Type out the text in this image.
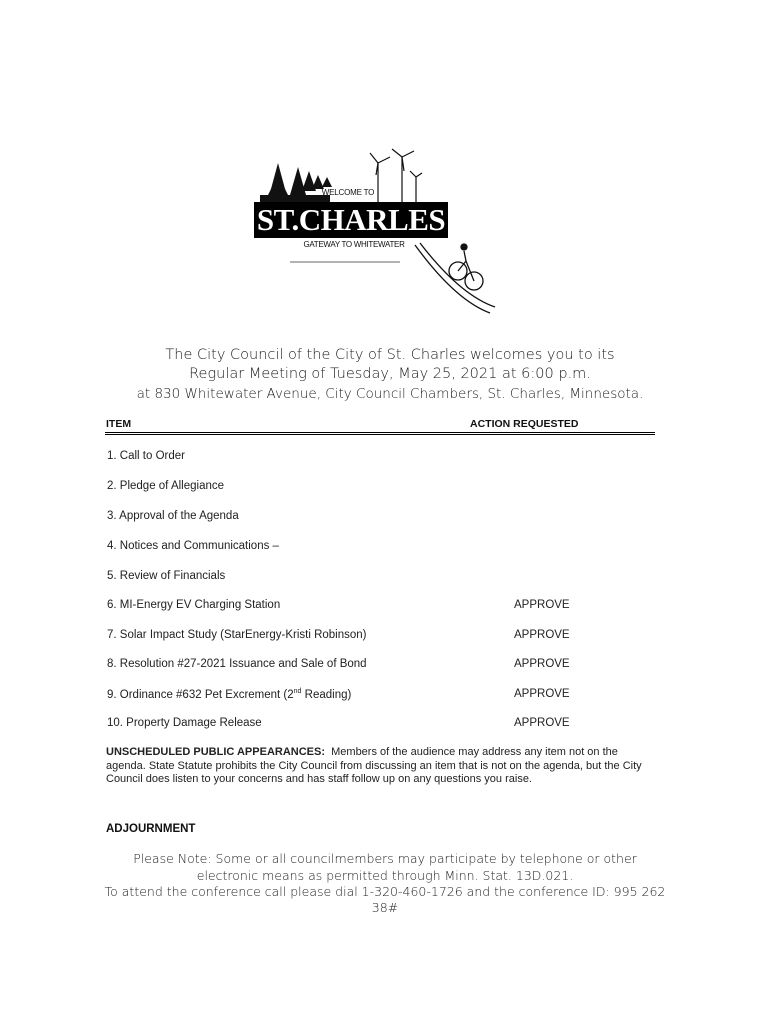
WELCOME TO
ST.CHARLES
GATEWAY TO WHITEWATER
The City Council of the City of St. Charles welcomes you to its
Regular Meeting of Tuesday, May 25, 2021 at 6:00 p.m.
at 830 Whitewater Avenue, City Council Chambers, St. Charles, Minnesota.
ITEM	ACTION REQUESTED
1. Call to Order
2. Pledge of Allegiance
3. Approval of the Agenda
4. Notices and Communications –
5. Review of Financials
6. MI-Energy EV Charging Station	APPROVE
7. Solar Impact Study (StarEnergy-Kristi Robinson)	APPROVE
8. Resolution #27-2021 Issuance and Sale of Bond	APPROVE
9. Ordinance #632 Pet Excrement (2nd Reading)	APPROVE
10. Property Damage Release	APPROVE
UNSCHEDULED PUBLIC APPEARANCES: Members of the audience may address any item not on the agenda. State Statute prohibits the City Council from discussing an item that is not on the agenda, but the City Council does listen to your concerns and has staff follow up on any questions you raise.
ADJOURNMENT
Please Note: Some or all councilmembers may participate by telephone or other
electronic means as permitted through Minn. Stat. 13D.021.
To attend the conference call please dial 1-320-460-1726 and the conference ID: 995 262
38#
